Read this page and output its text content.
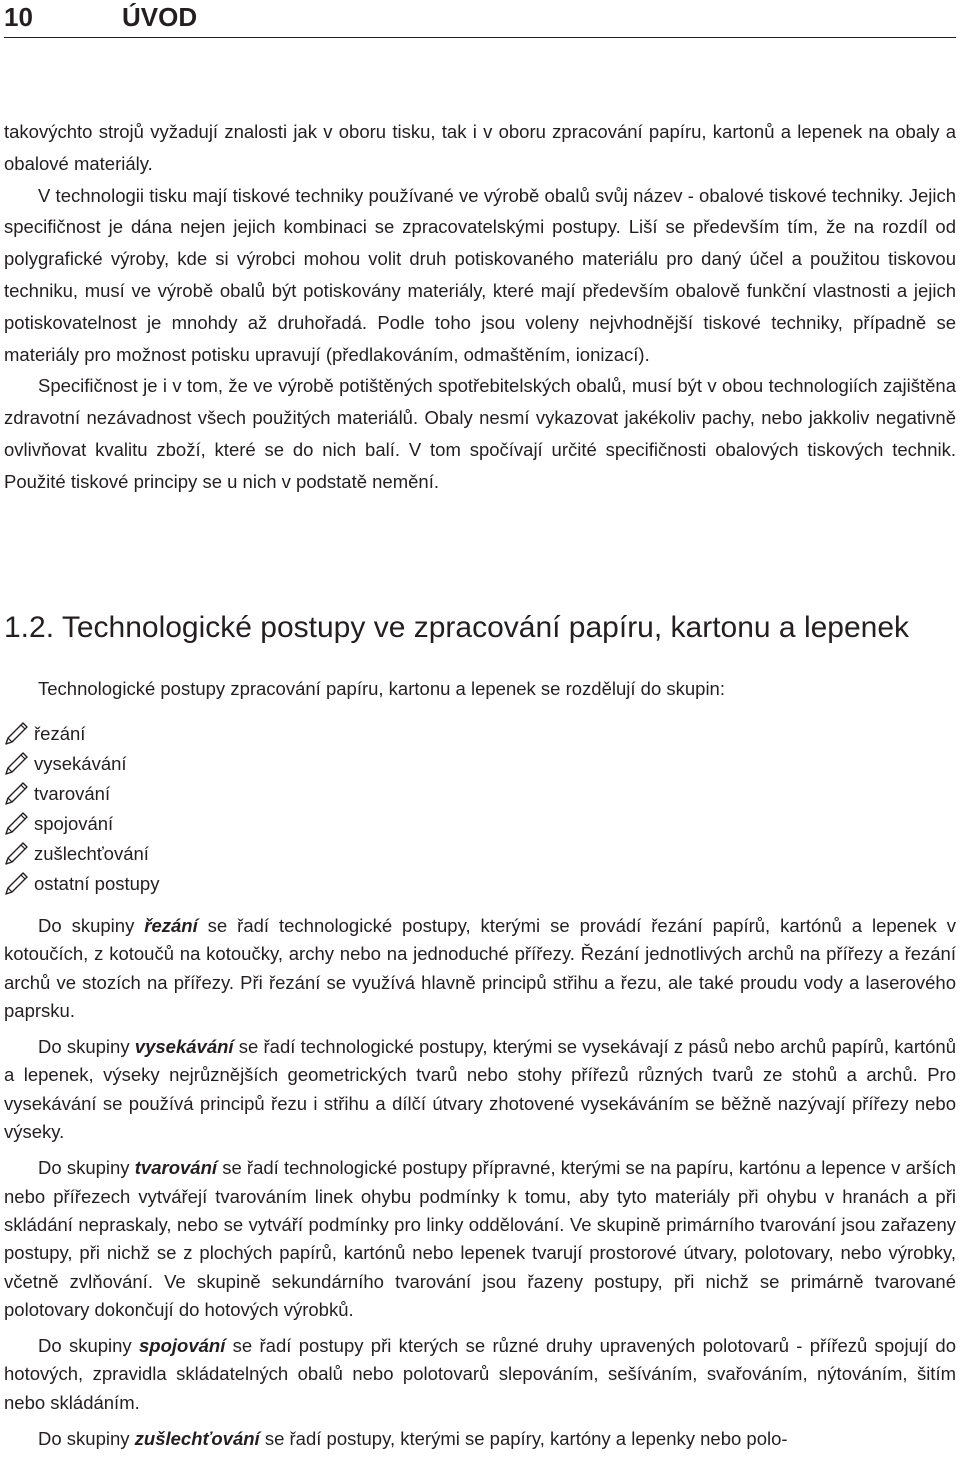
10	ÚVOD

takovýchto strojů vyžadují znalosti jak v oboru tisku, tak i v oboru zpracování papíru, kartonů a lepenek na obaly a obalové materiály.

V technologii tisku mají tiskové techniky používané ve výrobě obalů svůj název - obalové tiskové techniky. Jejich specifičnost je dána nejen jejich kombinaci se zpracovatelskými postupy. Liší se především tím, že na rozdíl od polygrafické výroby, kde si výrobci mohou volit druh potiskovaného materiálu pro daný účel a použitou tiskovou techniku, musí ve výrobě obalů být potiskovány materiály, které mají především obalově funkční vlastnosti a jejich potiskovatelnost je mnohdy až druhořadá. Podle toho jsou voleny nejvhodnější tiskové techniky, případně se materiály pro možnost potisku upravují (předlakováním, odmaštěním, ionizací).

Specifičnost je i v tom, že ve výrobě potištěných spotřebitelských obalů, musí být v obou technologiích zajištěna zdravotní nezávadnost všech použitých materiálů. Obaly nesmí vykazovat jakékoliv pachy, nebo jakkoliv negativně ovlivňovat kvalitu zboží, které se do nich balí. V tom spočívají určité specifičnosti obalových tiskových technik. Použité tiskové principy se u nich v podstatě nemění.

1.2. Technologické postupy ve zpracování papíru, kartonu a lepenek
Technologické postupy zpracování papíru, kartonu a lepenek se rozdělují do skupin:
řezání
vysekávání
tvarování
spojování
zušlechťování
ostatní postupy

Do skupiny řezání se řadí technologické postupy, kterými se provádí řezání papírů, kartónů a lepenek v kotoučích, z kotoučů na kotoučky, archy nebo na jednoduché přířezy. Řezání jednotlivých archů na přířezy a řezání archů ve stozích na přířezy. Při řezání se využívá hlavně principů střihu a řezu, ale také proudu vody a laserového paprsku.

Do skupiny vysekávání se řadí technologické postupy, kterými se vysekávají z pásů nebo archů papírů, kartónů a lepenek, výseky nejrůznějších geometrických tvarů nebo stohy přířezů různých tvarů ze stohů a archů. Pro vysekávání se používá principů řezu i střihu a dílčí útvary zhotovené vysekáváním se běžně nazývají přířezy nebo výseky.

Do skupiny tvarování se řadí technologické postupy přípravné, kterými se na papíru, kartónu a lepence v arších nebo přířezech vytvářejí tvarováním linek ohybu podmínky k tomu, aby tyto materiály při ohybu v hranách a při skládání nepraskaly, nebo se vytváří podmínky pro linky oddělování. Ve skupině primárního tvarování jsou zařazeny postupy, při nichž se z plochých papírů, kartónů nebo lepenek tvarují prostorové útvary, polotovary, nebo výrobky, včetně zvlňování. Ve skupině sekundárního tvarování jsou řazeny postupy, při nichž se primárně tvarované polotovary dokončují do hotových výrobků.

Do skupiny spojování se řadí postupy při kterých se různé druhy upravených polotovarů - přířezů spojují do hotových, zpravidla skládatelných obalů nebo polotovarů slepováním, sešíváním, svařováním, nýtováním, šitím nebo skládáním.

Do skupiny zušlechťování se řadí postupy, kterými se papíry, kartóny a lepenky nebo polo-
